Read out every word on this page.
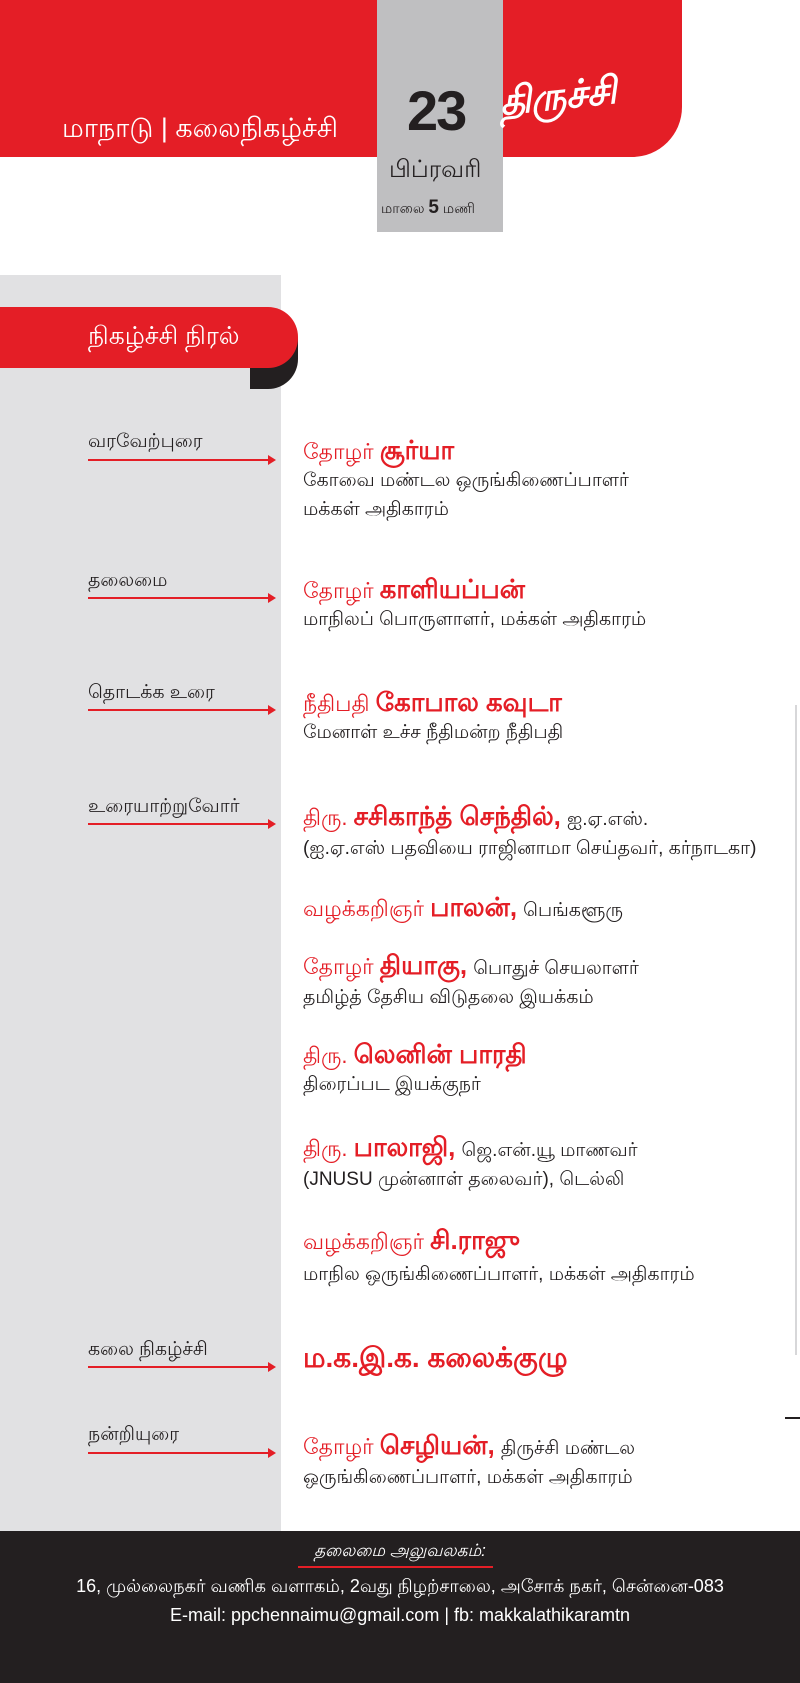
மாநாடு | கலைநிகழ்ச்சி 23
பிப்ரவரி
மாலை 5 மணி
திருச்சி
நிகழ்ச்சி நிரல்
வரவேற்புரை	தோழர் சூர்யா
கோவை மண்டல ஒருங்கிணைப்பாளர்
மக்கள் அதிகாரம்
தலைமை	தோழர் காளியப்பன்
மாநிலப் பொருளாளர், மக்கள் அதிகாரம்
தொடக்க உரை	நீதிபதி கோபால கவுடா
மேனாள் உச்ச நீதிமன்ற நீதிபதி
உரையாற்றுவோர்	திரு. சசிகாந்த் செந்தில், ஐ.ஏ.எஸ்.
(ஐ.ஏ.எஸ் பதவியை ராஜினாமா செய்தவர், கர்நாடகா)
வழக்கறிஞர் பாலன், பெங்களூரு
தோழர் தியாகு, பொதுச் செயலாளர்
தமிழ்த் தேசிய விடுதலை இயக்கம்
திரு. லெனின் பாரதி
திரைப்பட இயக்குநர்
திரு. பாலாஜி, ஜெ.என்.யூ மாணவர்
(JNUSU முன்னாள் தலைவர்), டெல்லி
வழக்கறிஞர் சி.ராஜு
மாநில ஒருங்கிணைப்பாளர், மக்கள் அதிகாரம்
கலை நிகழ்ச்சி	ம.க.இ.க. கலைக்குழு
நன்றியுரை	தோழர் செழியன், திருச்சி மண்டல
ஒருங்கிணைப்பாளர், மக்கள் அதிகாரம்
தலைமை அலுவலகம்:
16, முல்லைநகர் வணிக வளாகம், 2வது நிழற்சாலை, அசோக் நகர், சென்னை-083
E-mail: ppchennaimu@gmail.com | fb: makkalathikaramtn
